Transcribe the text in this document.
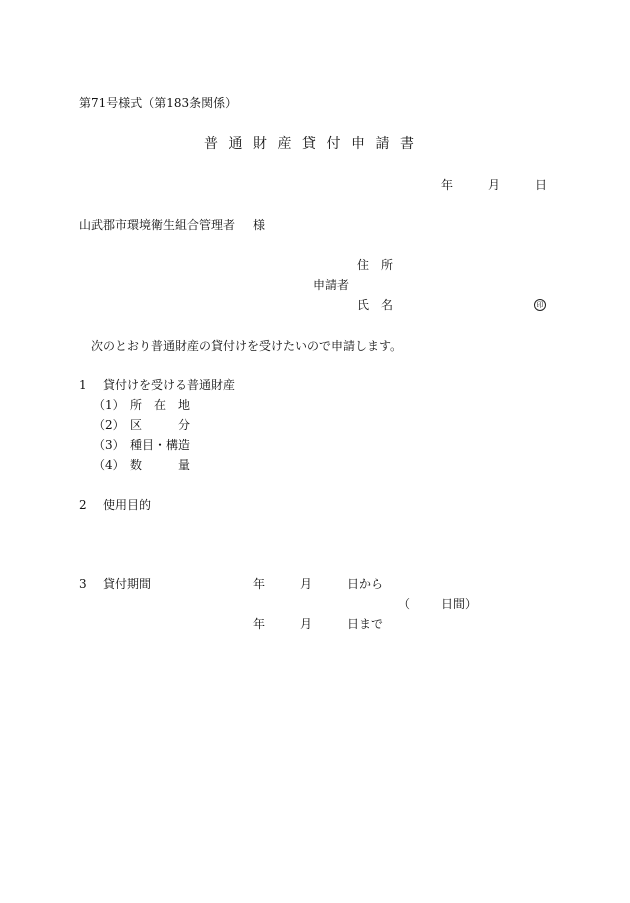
第71号様式（第183条関係）
普通財産貸付申請書
年	月	日
山武郡市環境衛生組合管理者 様
住　所
申請者
氏　名	印
次のとおり普通財産の貸付けを受けたいので申請します。
1 貸付けを受ける普通財産
（1） 所　在　地
（2） 区　　　分
（3） 種目・構造
（4） 数　　　量
2 使用目的
3 貸付期間	年	月	日から
（	日間）
年	月	日まで
